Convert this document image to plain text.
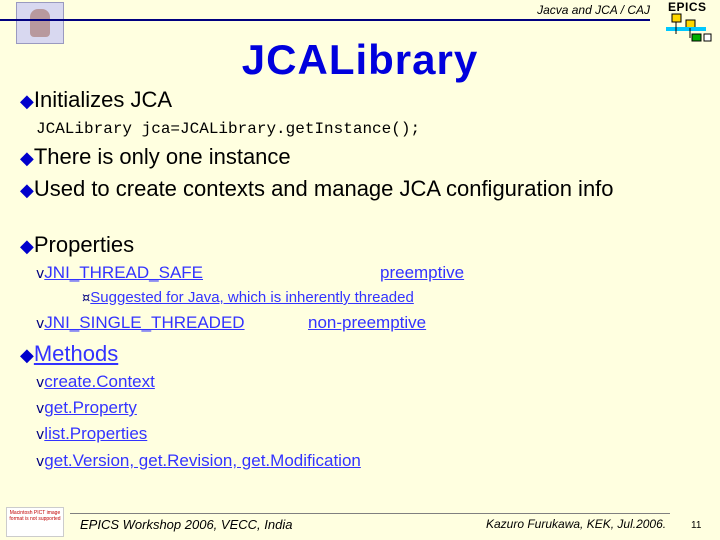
Jacva and JCA / CAJ EPICS
JCALibrary
◆Initializes JCA
JCALibrary jca=JCALibrary.getInstance();
◆There is only one instance
◆Used to create contexts and manage JCA configuration info
◆Properties
vJNI_THREAD_SAFE	preemptive
¤Suggested for Java, which is inherently threaded
vJNI_SINGLE_THREADED	non-preemptive
◆Methods
vcreate.Context
vget.Property
vlist.Properties
vget.Version, get.Revision, get.Modification
Macintosh PICT image format is not supported EPICS Workshop 2006, VECC, India	Kazuro Furukawa, KEK, Jul.2006. 11
